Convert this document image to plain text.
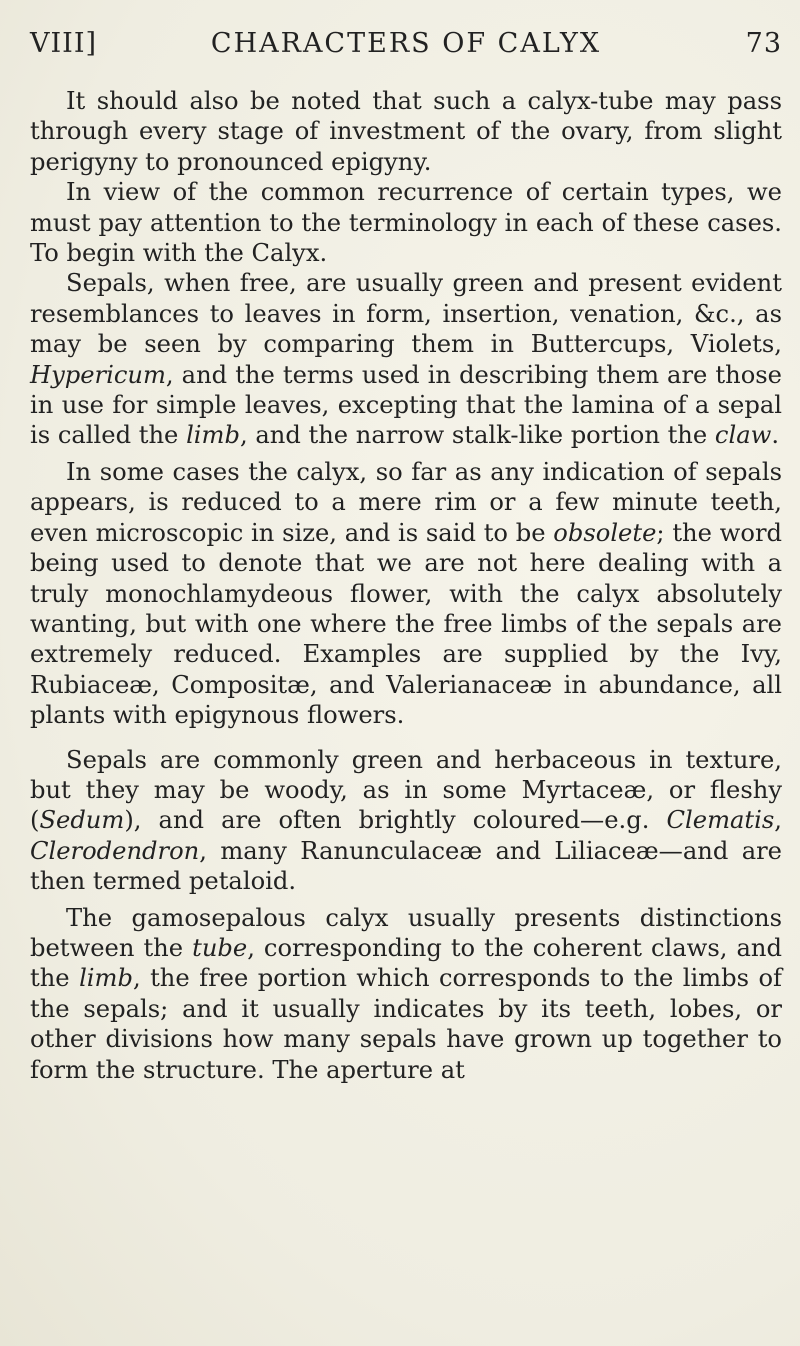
VIII]	CHARACTERS OF CALYX	73

It should also be noted that such a calyx-tube may pass through every stage of investment of the ovary, from slight perigyny to pronounced epigyny.

In view of the common recurrence of certain types, we must pay attention to the terminology in each of these cases. To begin with the Calyx.

Sepals, when free, are usually green and present evident resemblances to leaves in form, insertion, venation, &c., as may be seen by comparing them in Buttercups, Violets, Hypericum, and the terms used in describing them are those in use for simple leaves, excepting that the lamina of a sepal is called the limb, and the narrow stalk-like portion the claw.

In some cases the calyx, so far as any indication of sepals appears, is reduced to a mere rim or a few minute teeth, even microscopic in size, and is said to be obsolete; the word being used to denote that we are not here dealing with a truly monochlamydeous flower, with the calyx absolutely wanting, but with one where the free limbs of the sepals are extremely reduced. Examples are supplied by the Ivy, Rubiaceæ, Compositæ, and Valerianaceæ in abundance, all plants with epigynous flowers.

Sepals are commonly green and herbaceous in texture, but they may be woody, as in some Myrtaceæ, or fleshy (Sedum), and are often brightly coloured—e.g. Clematis, Clerodendron, many Ranunculaceæ and Liliaceæ—and are then termed petaloid.

The gamosepalous calyx usually presents distinctions between the tube, corresponding to the coherent claws, and the limb, the free portion which corresponds to the limbs of the sepals; and it usually indicates by its teeth, lobes, or other divisions how many sepals have grown up together to form the structure. The aperture at
